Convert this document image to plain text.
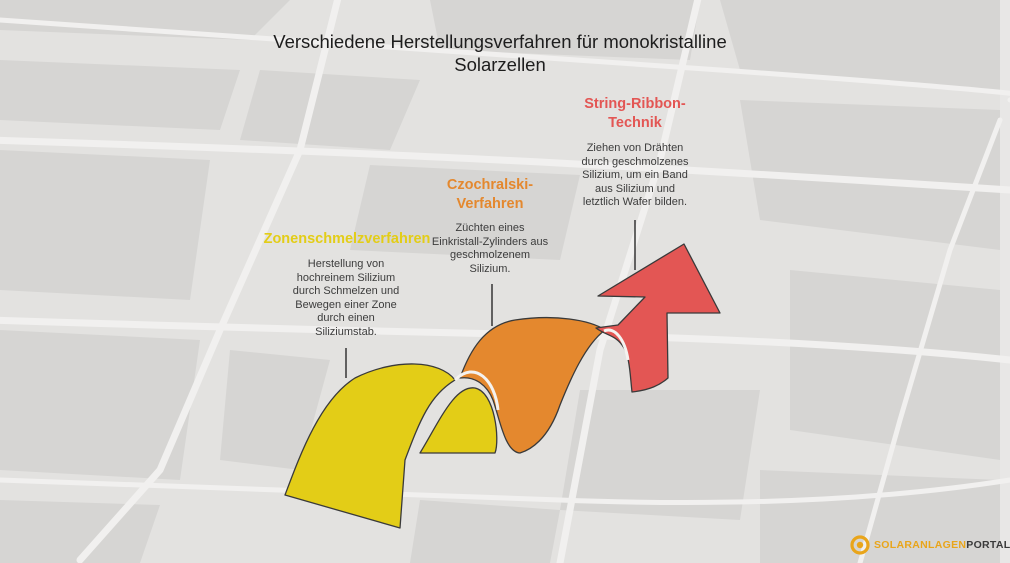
Verschiedene Herstellungsverfahren für monokristalline
Solarzellen
Zonenschmelzverfahren
Herstellung von
hochreinem Silizium
durch Schmelzen und
Bewegen einer Zone
durch einen
Siliziumstab.
Czochralski-
Verfahren
Züchten eines
Einkristall-Zylinders aus
geschmolzenem
Silizium.
String-Ribbon-
Technik
Ziehen von Drähten
durch geschmolzenes
Silizium, um ein Band
aus Silizium und
letztlich Wafer bilden.
SOLARANLAGENPORTAL
